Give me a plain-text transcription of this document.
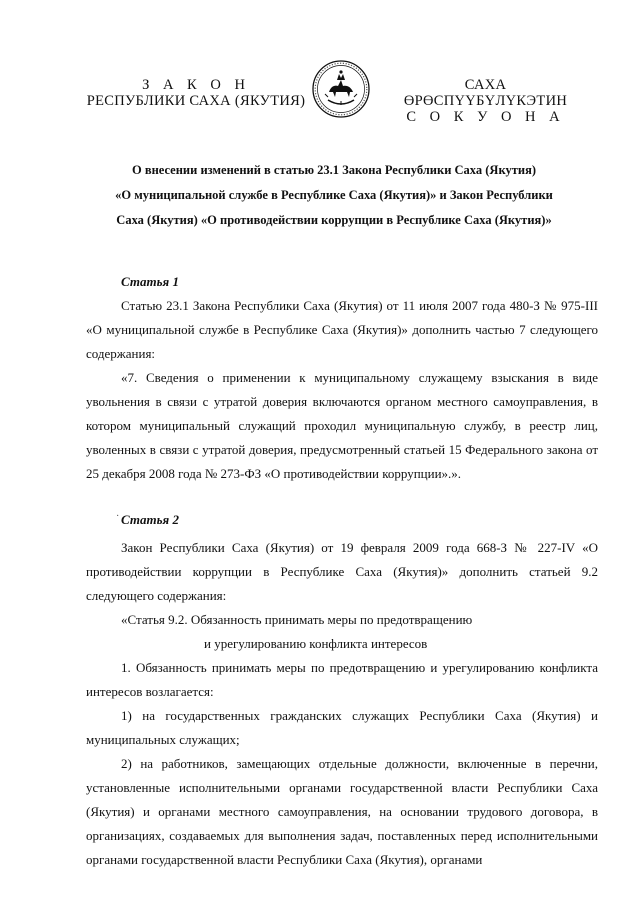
З А К О Н
РЕСПУБЛИКИ САХА (ЯКУТИЯ)
САХА ӨРӨСПҮҮБҮЛҮКЭТИН
С О К У О Н А
О внесении изменений в статью 23.1 Закона Республики Саха (Якутия)
«О муниципальной службе в Республике Саха (Якутия)» и Закон Республики
Саха (Якутия) «О противодействии коррупции в Республике Саха (Якутия)»
·

Статья 1

Статью 23.1 Закона Республики Саха (Якутия) от 11 июля 2007 года 480-З № 975-III «О муниципальной службе в Республике Саха (Якутия)» дополнить частью 7 следующего содержания:

«7. Сведения о применении к муниципальному служащему взыскания в виде увольнения в связи с утратой доверия включаются органом местного самоуправления, в котором муниципальный служащий проходил муниципальную службу, в реестр лиц, уволенных в связи с утратой доверия, предусмотренный статьей 15 Федерального закона от 25 декабря 2008 года № 273-ФЗ «О противодействии коррупции».».

Статья 2

Закон Республики Саха (Якутия) от 19 февраля 2009 года 668-З № 227-IV «О противодействии коррупции в Республике Саха (Якутия)» дополнить статьей 9.2 следующего содержания:

«Статья 9.2. Обязанность принимать меры по предотвращению

и урегулированию конфликта интересов

1. Обязанность принимать меры по предотвращению и урегулированию конфликта интересов возлагается:

1) на государственных гражданских служащих Республики Саха (Якутия) и муниципальных служащих;

2) на работников, замещающих отдельные должности, включенные в перечни, установленные исполнительными органами государственной власти Республики Саха (Якутия) и органами местного самоуправления, на основании трудового договора, в организациях, создаваемых для выполнения задач, поставленных перед исполнительными органами государственной власти Республики Саха (Якутия), органами
